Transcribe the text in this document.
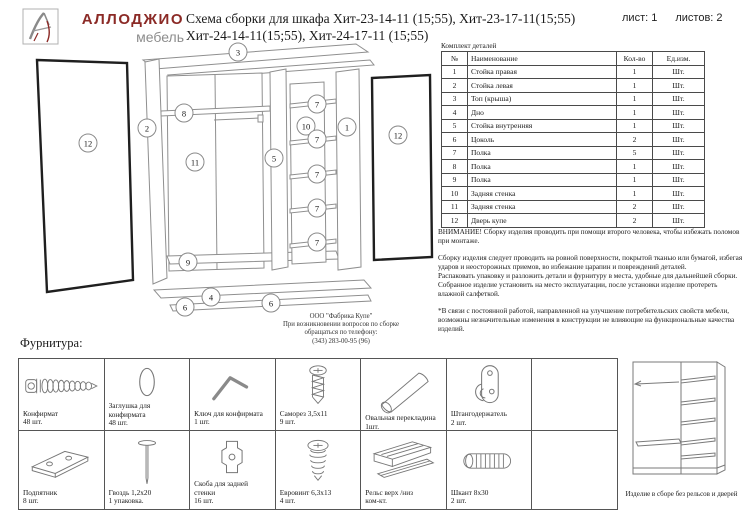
АЛЛОДЖИО
мебель
Схема сборки для шкафа Хит-23-14-11 (15;55), Хит-23-17-11(15;55)
Хит-24-14-11(15;55), Хит-24-17-11 (15;55)
лист: 1 листов: 2
3
12
2
8
11
9
6
4
6
5
10
7
7
7
7
7
1
12
ООО "Фабрика Купе"
При возникновении вопросов по сборке
обращаться по телефону:
(343) 283-00-95 (96)
Комплект деталей
№	Наименование	Кол-во	Ед.изм.
1	Стойка правая	1	Шт.
2	Стойка левая	1	Шт.
3	Топ (крыша)	1	Шт.
4	Дно	1	Шт.
5	Стойка внутренняя	1	Шт.
6	Цоколь	2	Шт.
7	Полка	5	Шт.
8	Полка	1	Шт.
9	Полка	1	Шт.
10	Задняя стенка	1	Шт.
11	Задняя стенка	2	Шт.
12	Дверь купе	2	Шт.

ВНИМАНИЕ! Сборку изделия проводить при помощи второго человека, чтобы избежать поломов при монтаже.

Сборку изделия следует проводить на ровной поверхности, покрытой тканью или бумагой, избегая ударов и неосторожных приемов, во избежание царапин и повреждений деталей.

Распаковать упаковку и разложить детали и фурнитуру в места, удобные для дальнейшей сборки.

Собранное изделие установить на место эксплуатации, после установки изделие протереть влажной салфеткой.

*В связи с постоянной работой, направленной на улучшение потребительских свойств мебели, возможны незначительные изменения в конструкции не влияющие на функциональные качества изделий.

Фурнитура:
Конфирмат
48 шт.
Заглушка для конфирмата
48 шт.
Ключ для конфирмата
1 шт.
Саморез 3,5х11
9 шт.	Овальная перекладина
1шт.
Штангодержатель
2 шт.
Подпятник
8 шт.
Гвоздь 1,2х20
1 упаковка.
Скоба для задней стенки
16 шт.
Евровинт 6,3х13
4 шт.
Рельс верх /низ
ком-кт.
Шкант 8х30
2 шт.
Изделие в сборе без рельсов и дверей
